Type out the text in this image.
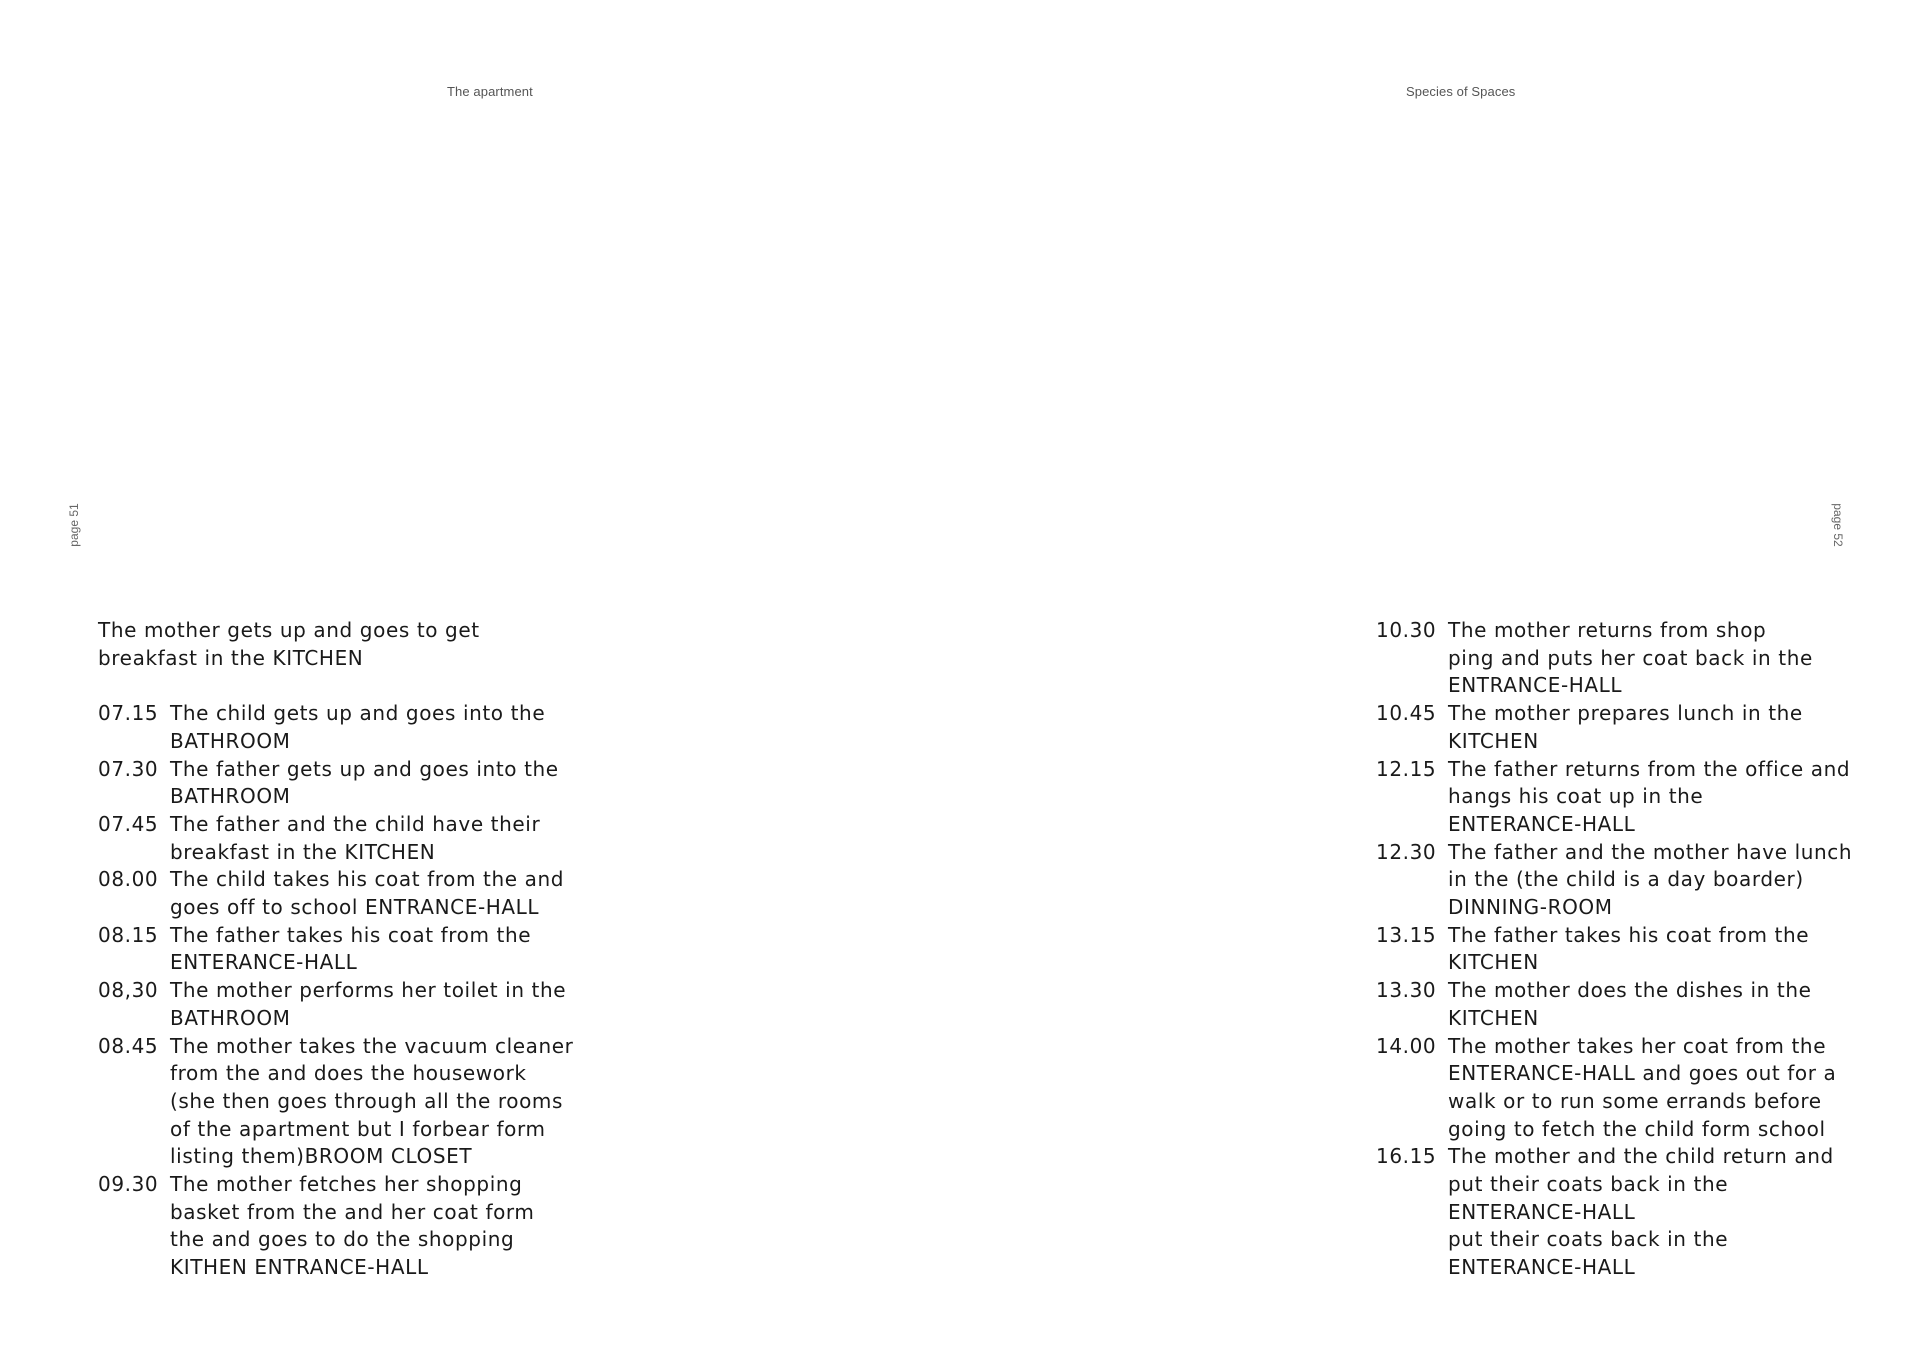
The apartment
page 51

The mother gets up and goes to get
breakfast in the KITCHEN

07.15 The child gets up and goes into the
BATHROOM
07.30 The father gets up and goes into the
BATHROOM
07.45 The father and the child have their
breakfast in the KITCHEN
08.00 The child takes his coat from the and
goes off to school ENTRANCE-HALL
08.15 The father takes his coat from the
ENTERANCE-HALL
08,30 The mother performs her toilet in the
BATHROOM
08.45 The mother takes the vacuum cleaner
from the and does the housework
(she then goes through all the rooms
of the apartment but I forbear form
listing them)BROOM CLOSET
09.30 The mother fetches her shopping
basket from the and her coat form
the and goes to do the shopping
KITHEN ENTRANCE-HALL
Species of Spaces
page 52
10.30 The mother returns from shop
ping and puts her coat back in the
ENTRANCE-HALL
10.45 The mother prepares lunch in the
KITCHEN
12.15 The father returns from the office and
hangs his coat up in the
ENTERANCE-HALL
12.30 The father and the mother have lunch
in the (the child is a day boarder)
DINNING-ROOM
13.15 The father takes his coat from the
KITCHEN
13.30 The mother does the dishes in the
KITCHEN
14.00 The mother takes her coat from the
ENTERANCE-HALL and goes out for a
walk or to run some errands before
going to fetch the child form school
16.15 The mother and the child return and
put their coats back in the
ENTERANCE-HALL
put their coats back in the
ENTERANCE-HALL
